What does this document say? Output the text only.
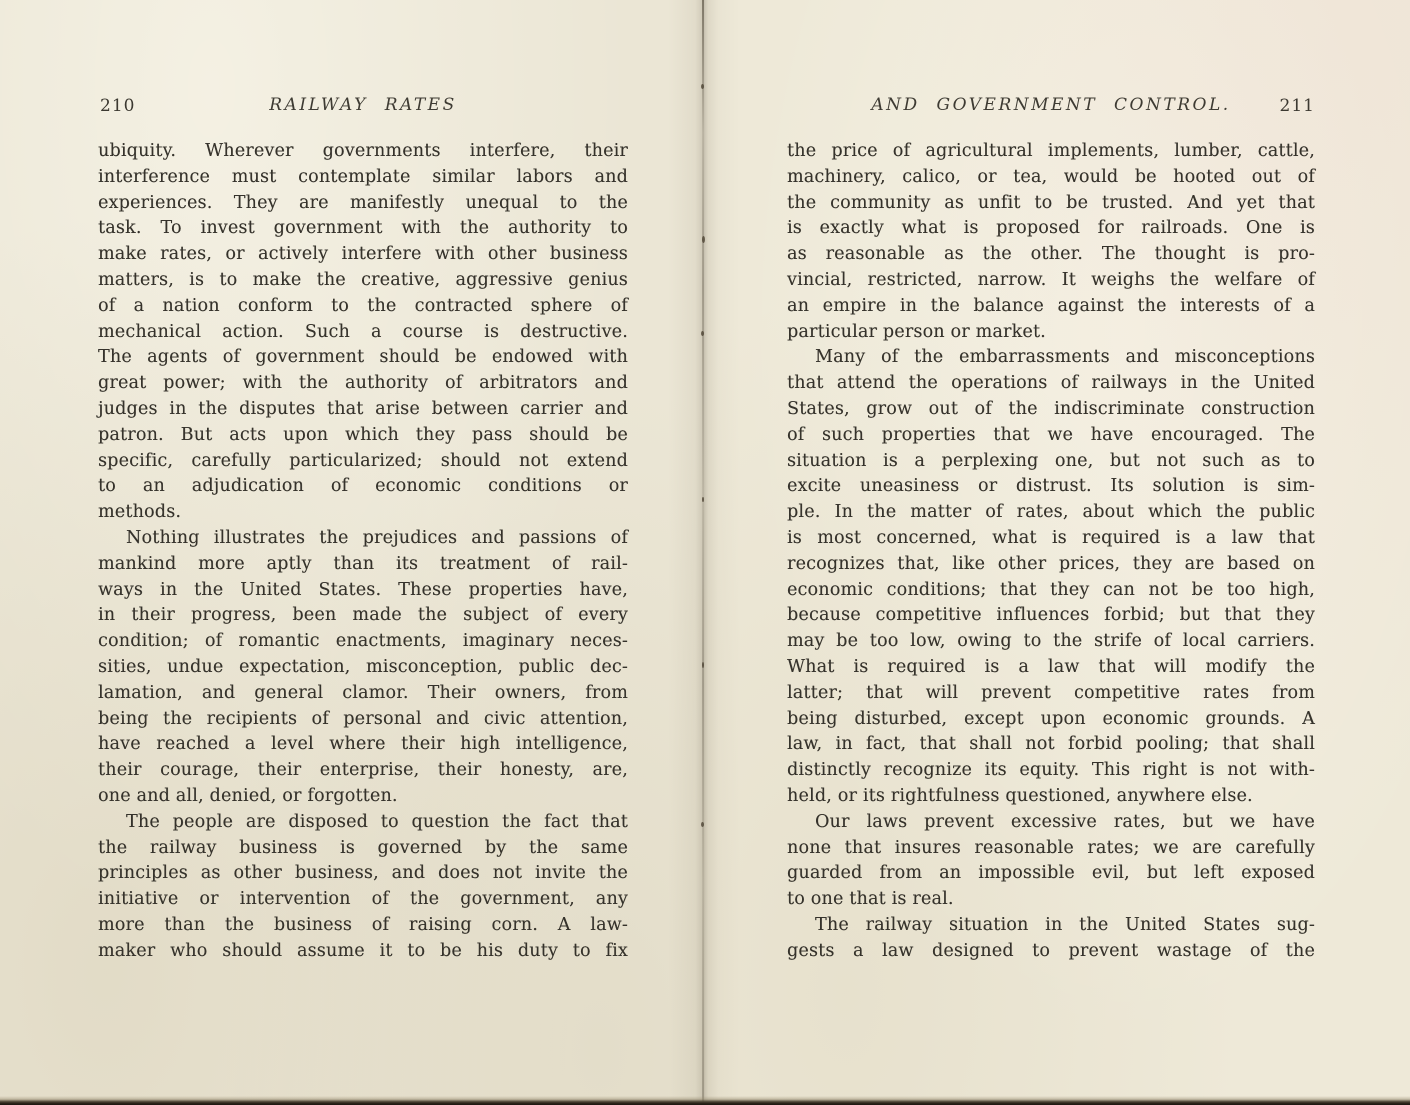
210	RAILWAY RATES

ubiquity. Wherever governments interfere, their
interference must contemplate similar labors and
experiences. They are manifestly unequal to the
task. To invest government with the authority to
make rates, or actively interfere with other business
matters, is to make the creative, aggressive genius
of a nation conform to the contracted sphere of
mechanical action. Such a course is destructive.
The agents of government should be endowed with
great power; with the authority of arbitrators and
judges in the disputes that arise between carrier and
patron. But acts upon which they pass should be
specific, carefully particularized; should not extend
to an adjudication of economic conditions or
methods.

Nothing illustrates the prejudices and passions of
mankind more aptly than its treatment of rail-
ways in the United States. These properties have,
in their progress, been made the subject of every
condition; of romantic enactments, imaginary neces-
sities, undue expectation, misconception, public dec-
lamation, and general clamor. Their owners, from
being the recipients of personal and civic attention,
have reached a level where their high intelligence,
their courage, their enterprise, their honesty, are,
one and all, denied, or forgotten.

The people are disposed to question the fact that
the railway business is governed by the same
principles as other business, and does not invite the
initiative or intervention of the government, any
more than the business of raising corn. A law-
maker who should assume it to be his duty to fix

AND GOVERNMENT CONTROL.	211

the price of agricultural implements, lumber, cattle,
machinery, calico, or tea, would be hooted out of
the community as unfit to be trusted. And yet that
is exactly what is proposed for railroads. One is
as reasonable as the other. The thought is pro-
vincial, restricted, narrow. It weighs the welfare of
an empire in the balance against the interests of a
particular person or market.

Many of the embarrassments and misconceptions
that attend the operations of railways in the United
States, grow out of the indiscriminate construction
of such properties that we have encouraged. The
situation is a perplexing one, but not such as to
excite uneasiness or distrust. Its solution is sim-
ple. In the matter of rates, about which the public
is most concerned, what is required is a law that
recognizes that, like other prices, they are based on
economic conditions; that they can not be too high,
because competitive influences forbid; but that they
may be too low, owing to the strife of local carriers.
What is required is a law that will modify the
latter; that will prevent competitive rates from
being disturbed, except upon economic grounds. A
law, in fact, that shall not forbid pooling; that shall
distinctly recognize its equity. This right is not with-
held, or its rightfulness questioned, anywhere else.

Our laws prevent excessive rates, but we have
none that insures reasonable rates; we are carefully
guarded from an impossible evil, but left exposed
to one that is real.

The railway situation in the United States sug-
gests a law designed to prevent wastage of the
